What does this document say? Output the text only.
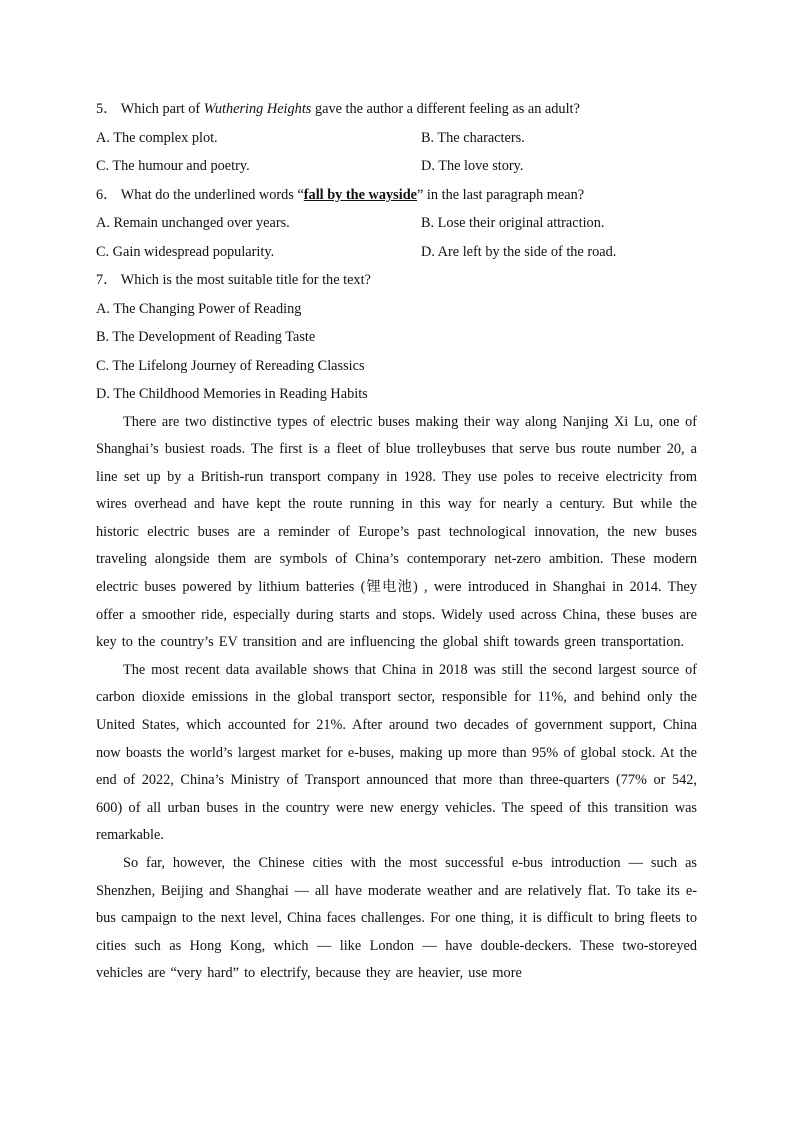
5． Which part of Wuthering Heights gave the author a different feeling as an adult?
A. The complex plot.	B. The characters.
C. The humour and poetry.	D. The love story.
6． What do the underlined words “fall by the wayside” in the last paragraph mean?
A. Remain unchanged over years.	B. Lose their original attraction.
C. Gain widespread popularity.	D. Are left by the side of the road.
7． Which is the most suitable title for the text?
A. The Changing Power of Reading
B. The Development of Reading Taste
C. The Lifelong Journey of Rereading Classics
D. The Childhood Memories in Reading Habits

There are two distinctive types of electric buses making their way along Nanjing Xi Lu, one of Shanghai’s busiest roads. The first is a fleet of blue trolleybuses that serve bus route number 20, a line set up by a British-run transport company in 1928. They use poles to receive electricity from wires overhead and have kept the route running in this way for nearly a century. But while the historic electric buses are a reminder of Europe’s past technological innovation, the new buses traveling alongside them are symbols of China’s contemporary net-zero ambition. These modern electric buses powered by lithium batteries (锂电池) , were introduced in Shanghai in 2014. They offer a smoother ride, especially during starts and stops. Widely used across China, these buses are key to the country’s EV transition and are influencing the global shift towards green transportation.

The most recent data available shows that China in 2018 was still the second largest source of carbon dioxide emissions in the global transport sector, responsible for 11%, and behind only the United States, which accounted for 21%. After around two decades of government support, China now boasts the world’s largest market for e-buses, making up more than 95% of global stock. At the end of 2022, China’s Ministry of Transport announced that more than three-quarters (77% or 542, 600) of all urban buses in the country were new energy vehicles. The speed of this transition was remarkable.

So far, however, the Chinese cities with the most successful e-bus introduction — such as Shenzhen, Beijing and Shanghai — all have moderate weather and are relatively flat. To take its e-bus campaign to the next level, China faces challenges. For one thing, it is difficult to bring fleets to cities such as Hong Kong, which — like London — have double-deckers. These two-storeyed vehicles are “very hard” to electrify, because they are heavier, use more
